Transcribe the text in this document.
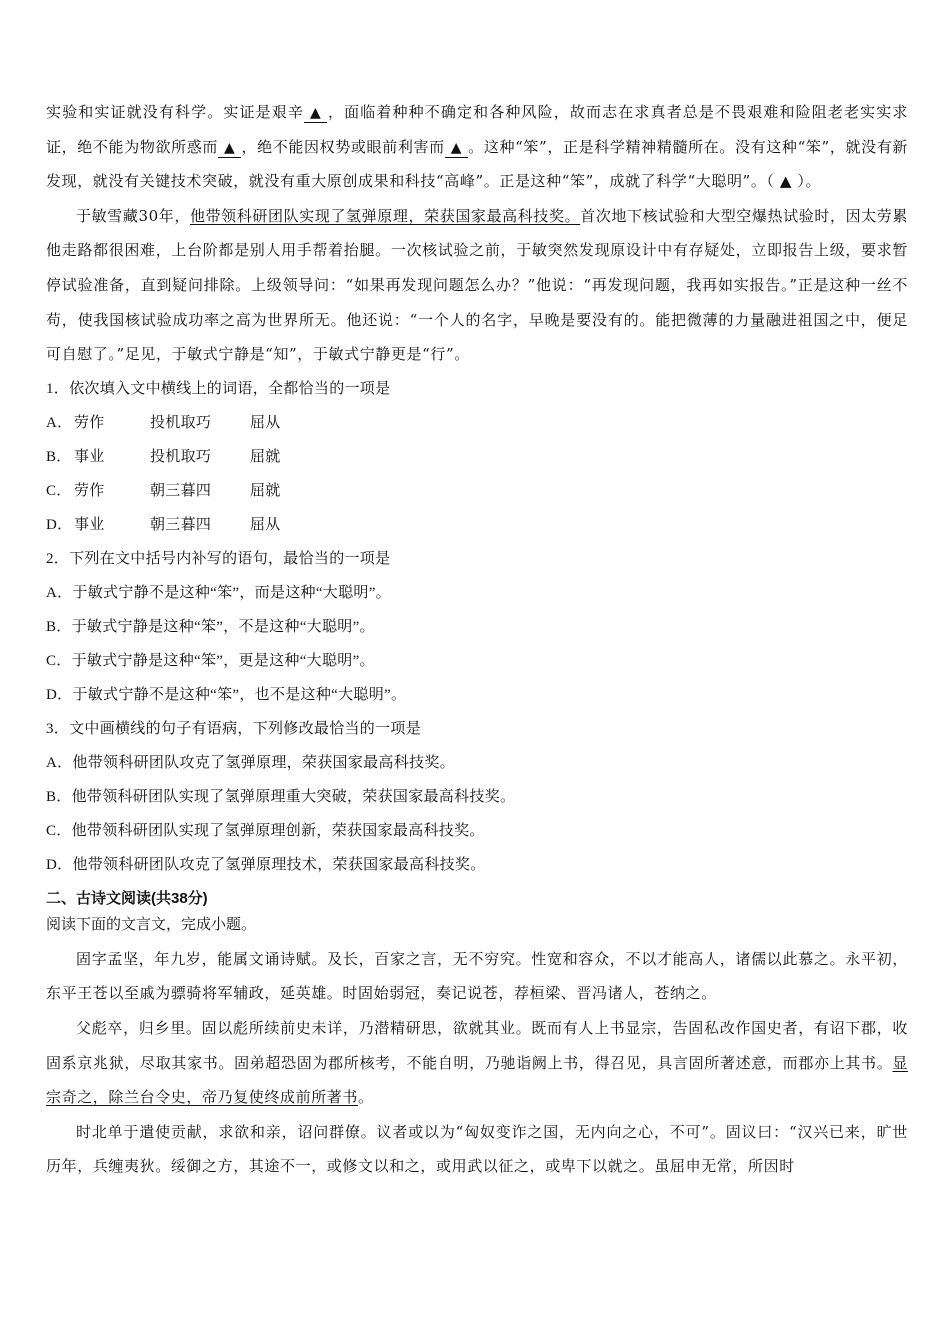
实验和实证就没有科学。实证是艰辛 ▲ ，面临着种种不确定和各种风险，故而志在求真者总是不畏艰难和险阻老老实实求证，绝不能为物欲所惑而 ▲ ，绝不能因权势或眼前利害而 ▲ 。这种“笨”，正是科学精神精髓所在。没有这种“笨”，就没有新发现，就没有关键技术突破，就没有重大原创成果和科技“高峰”。正是这种“笨”，成就了科学“大聪明”。（ ▲ ）。

于敏雪藏30年，他带领科研团队实现了氢弹原理，荣获国家最高科技奖。首次地下核试验和大型空爆热试验时，因太劳累他走路都很困难，上台阶都是别人用手帮着抬腿。一次核试验之前，于敏突然发现原设计中有存疑处，立即报告上级，要求暂停试验准备，直到疑问排除。上级领导问：“如果再发现问题怎么办？”他说：“再发现问题，我再如实报告。”正是这种一丝不苟，使我国核试验成功率之高为世界所无。他还说：“一个人的名字，早晚是要没有的。能把微薄的力量融进祖国之中，便足可自慰了。”足见，于敏式宁静是“知”，于敏式宁静更是“行”。

1．依次填入文中横线上的词语，全都恰当的一项是

A． 劳作	投机取巧	屈从

B． 事业	投机取巧	屈就

C． 劳作	朝三暮四	屈就

D． 事业	朝三暮四	屈从

2．下列在文中括号内补写的语句，最恰当的一项是

A．于敏式宁静不是这种“笨”，而是这种“大聪明”。

B．于敏式宁静是这种“笨”，不是这种“大聪明”。

C．于敏式宁静是这种“笨”，更是这种“大聪明”。

D．于敏式宁静不是这种“笨”，也不是这种“大聪明”。

3．文中画横线的句子有语病，下列修改最恰当的一项是

A．他带领科研团队攻克了氢弹原理，荣获国家最高科技奖。

B．他带领科研团队实现了氢弹原理重大突破，荣获国家最高科技奖。

C．他带领科研团队实现了氢弹原理创新，荣获国家最高科技奖。

D．他带领科研团队攻克了氢弹原理技术，荣获国家最高科技奖。

二、古诗文阅读(共38分)

阅读下面的文言文，完成小题。

固字孟坚，年九岁，能属文诵诗赋。及长，百家之言，无不穷究。性宽和容众，不以才能高人，诸儒以此慕之。永平初，东平王苍以至戚为骠骑将军辅政，延英雄。时固始弱冠，奏记说苍，荐桓梁、晋冯诸人，苍纳之。

父彪卒，归乡里。固以彪所续前史未详，乃潜精研思，欲就其业。既而有人上书显宗，告固私改作国史者，有诏下郡，收固系京兆狱，尽取其家书。固弟超恐固为郡所核考，不能自明，乃驰诣阙上书，得召见，具言固所著述意，而郡亦上其书。显宗奇之，除兰台令史，帝乃复使终成前所著书。

时北单于遣使贡献，求欲和亲，诏问群僚。议者或以为“匈奴变诈之国，无内向之心，不可”。固议曰：“汉兴已来，旷世历年，兵缠夷狄。绥御之方，其途不一，或修文以和之，或用武以征之，或卑下以就之。虽屈申无常，所因时
